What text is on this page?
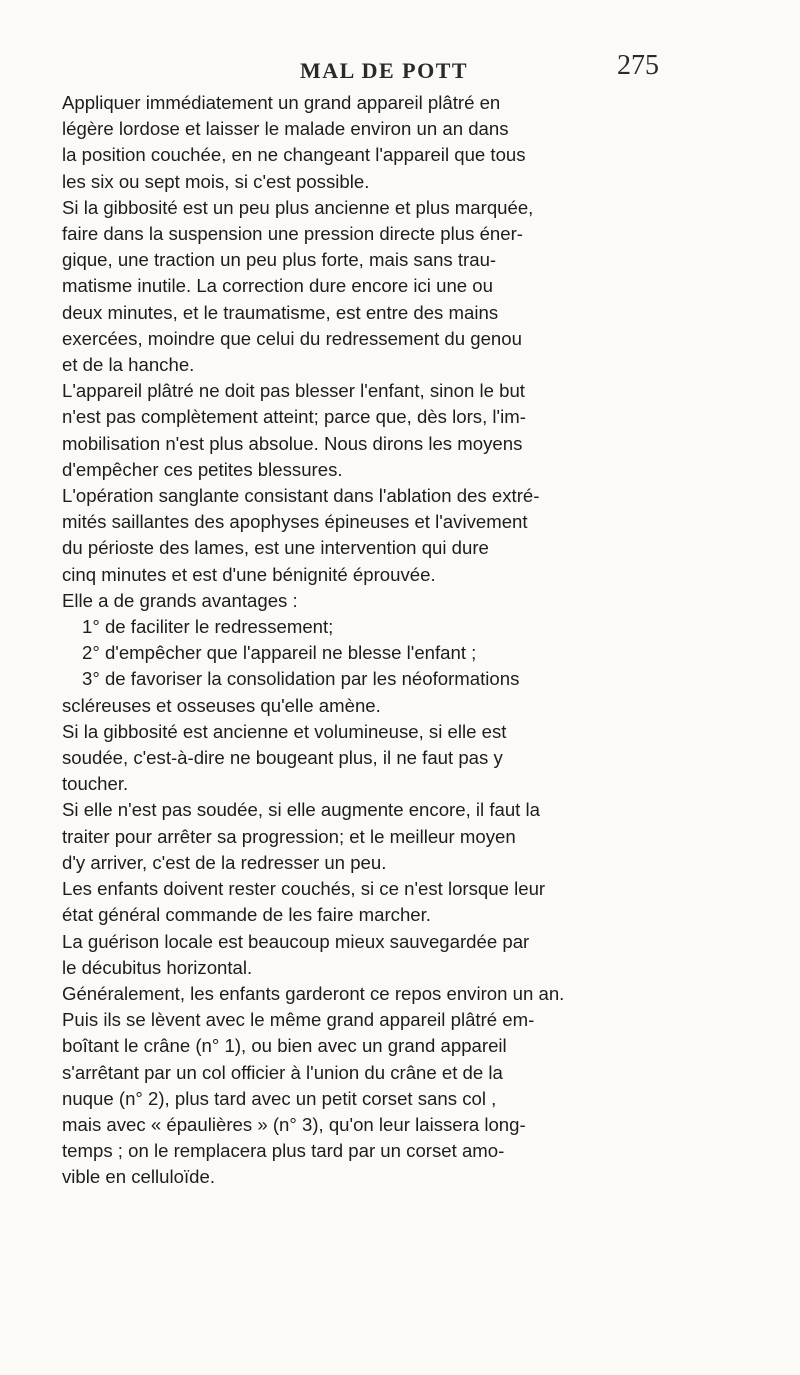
MAL DE POTT	275

Appliquer immédiatement un grand appareil plâtré en
légère lordose et laisser le malade environ un an dans
la position couchée, en ne changeant l'appareil que tous
les six ou sept mois, si c'est possible.

Si la gibbosité est un peu plus ancienne et plus marquée,
faire dans la suspension une pression directe plus éner-
gique, une traction un peu plus forte, mais sans trau-
matisme inutile. La correction dure encore ici une ou
deux minutes, et le traumatisme, est entre des mains
exercées, moindre que celui du redressement du genou
et de la hanche.

L'appareil plâtré ne doit pas blesser l'enfant, sinon le but
n'est pas complètement atteint; parce que, dès lors, l'im-
mobilisation n'est plus absolue. Nous dirons les moyens
d'empêcher ces petites blessures.

L'opération sanglante consistant dans l'ablation des extré-
mités saillantes des apophyses épineuses et l'avivement
du périoste des lames, est une intervention qui dure
cinq minutes et est d'une bénignité éprouvée.

Elle a de grands avantages :

1° de faciliter le redressement;

2° d'empêcher que l'appareil ne blesse l'enfant ;

3° de favoriser la consolidation par les néoformations
scléreuses et osseuses qu'elle amène.

Si la gibbosité est ancienne et volumineuse, si elle est
soudée, c'est-à-dire ne bougeant plus, il ne faut pas y
toucher.

Si elle n'est pas soudée, si elle augmente encore, il faut la
traiter pour arrêter sa progression; et le meilleur moyen
d'y arriver, c'est de la redresser un peu.

Les enfants doivent rester couchés, si ce n'est lorsque leur
état général commande de les faire marcher.

La guérison locale est beaucoup mieux sauvegardée par
le décubitus horizontal.

Généralement, les enfants garderont ce repos environ un an.

Puis ils se lèvent avec le même grand appareil plâtré em-
boîtant le crâne (n° 1), ou bien avec un grand appareil
s'arrêtant par un col officier à l'union du crâne et de la
nuque (n° 2), plus tard avec un petit corset sans col ,
mais avec « épaulières » (n° 3), qu'on leur laissera long-
temps ; on le remplacera plus tard par un corset amo-
vible en celluloïde.
